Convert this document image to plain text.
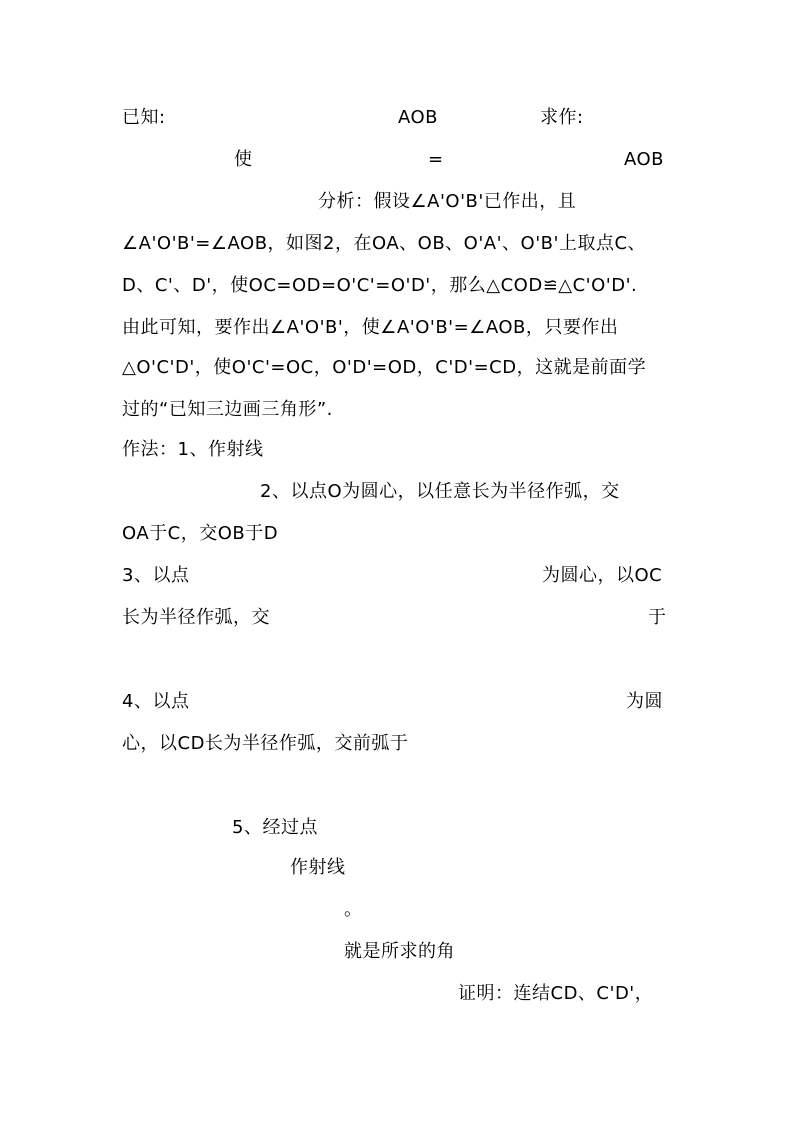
已知:	AOB	求作:
使	=	AOB
分析：假设∠A'O'B'已作出，且
∠A'O'B'=∠AOB，如图2，在OA、OB、O'A'、O'B'上取点C、
D、C'、D'，使OC=OD=O'C'=O'D'，那么△COD≌△C'O'D'.
由此可知，要作出∠A'O'B'，使∠A'O'B'=∠AOB，只要作出
△O'C'D'，使O'C'=OC，O'D'=OD，C'D'=CD，这就是前面学
过的“已知三边画三角形”.
作法：1、作射线
2、以点O为圆心，以任意长为半径作弧，交
OA于C，交OB于D
3、以点	为圆心，以OC
长为半径作弧，交	于
4、以点	为圆
心，以CD长为半径作弧，交前弧于
5、经过点
作射线
。
就是所求的角
证明：连结CD、C'D'，
